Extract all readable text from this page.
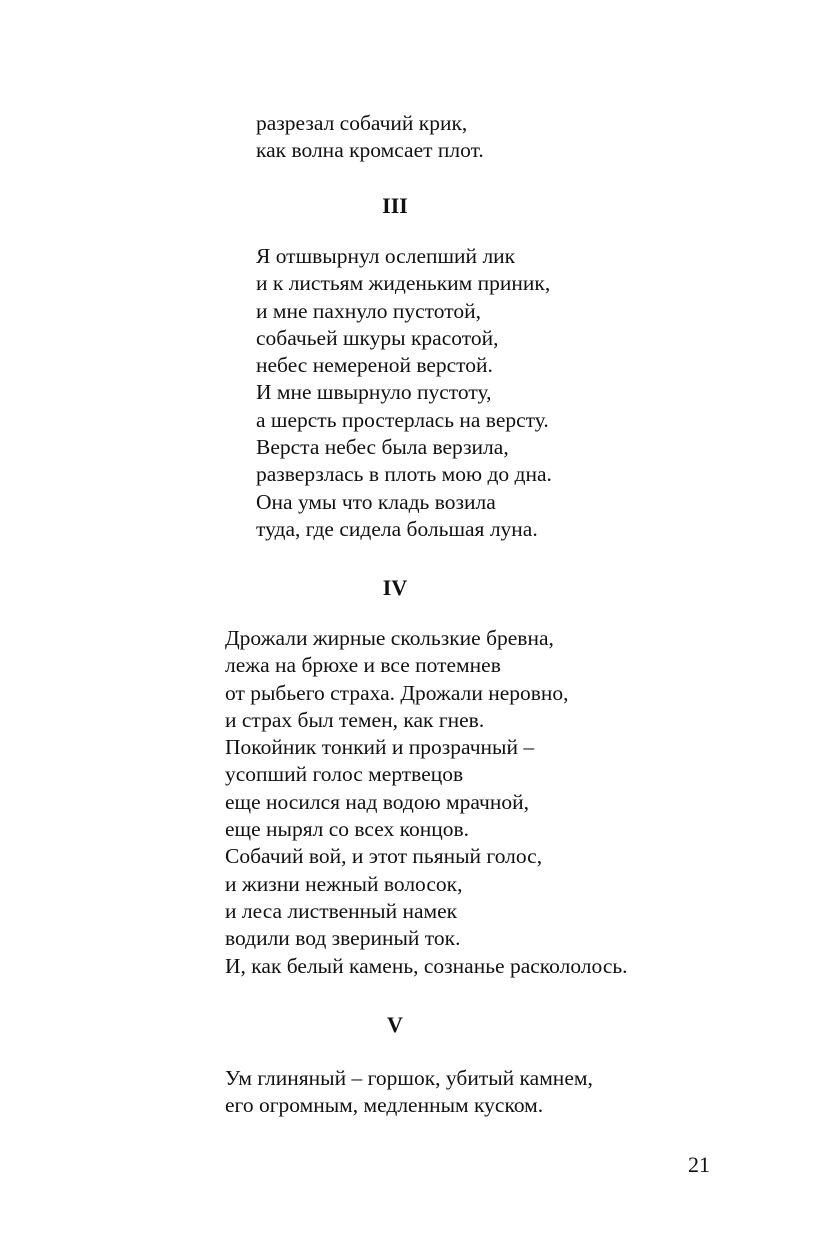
разрезал собачий крик,
как волна кромсает плот.
III
Я отшвырнул ослепший лик
и к листьям жиденьким приник,
и мне пахнуло пустотой,
собачьей шкуры красотой,
небес немереной верстой.
И мне швырнуло пустоту,
а шерсть простерлась на версту.
Верста небес была верзила,
разверзлась в плоть мою до дна.
Она умы что кладь возила
туда, где сидела большая луна.
IV
Дрожали жирные скользкие бревна,
лежа на брюхе и все потемнев
от рыбьего страха. Дрожали неровно,
и страх был темен, как гнев.
Покойник тонкий и прозрачный –
усопший голос мертвецов
еще носился над водою мрачной,
еще нырял со всех концов.
Собачий вой, и этот пьяный голос,
и жизни нежный волосок,
и леса лиственный намек
водили вод звериный ток.
И, как белый камень, сознанье раскололось.
V
Ум глиняный – горшок, убитый камнем,
его огромным, медленным куском.
21
